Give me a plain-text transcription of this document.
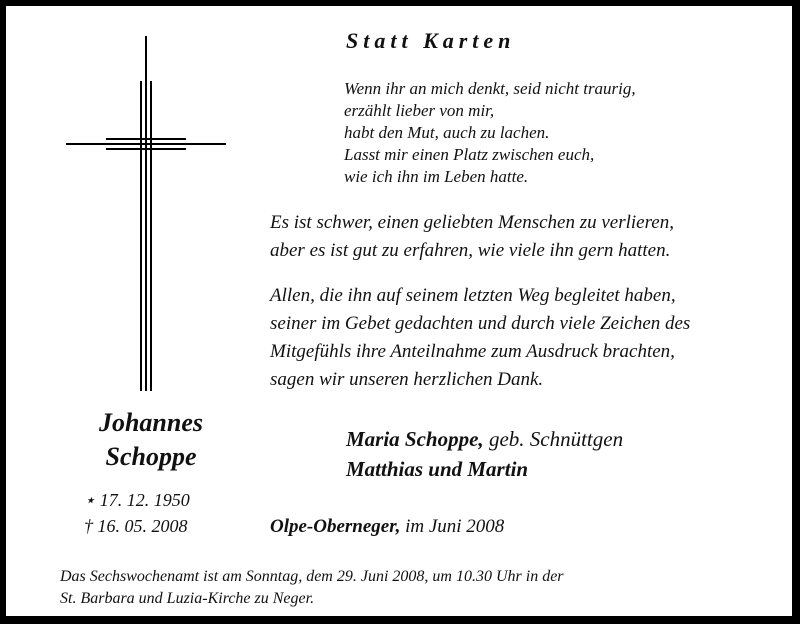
Statt Karten
Wenn ihr an mich denkt, seid nicht traurig,
erzählt lieber von mir,
habt den Mut, auch zu lachen.
Lasst mir einen Platz zwischen euch,
wie ich ihn im Leben hatte.
Es ist schwer, einen geliebten Menschen zu verlieren,
aber es ist gut zu erfahren, wie viele ihn gern hatten.
Allen, die ihn auf seinem letzten Weg begleitet haben,
seiner im Gebet gedachten und durch viele Zeichen des
Mitgefühls ihre Anteilnahme zum Ausdruck brachten,
sagen wir unseren herzlichen Dank.
Johannes
Schoppe
⋆ 17. 12. 1950
† 16. 05. 2008
Maria Schoppe, geb. Schnüttgen
Matthias und Martin
Olpe-Oberneger, im Juni 2008
Das Sechswochenamt ist am Sonntag, dem 29. Juni 2008, um 10.30 Uhr in der
St. Barbara und Luzia-Kirche zu Neger.
